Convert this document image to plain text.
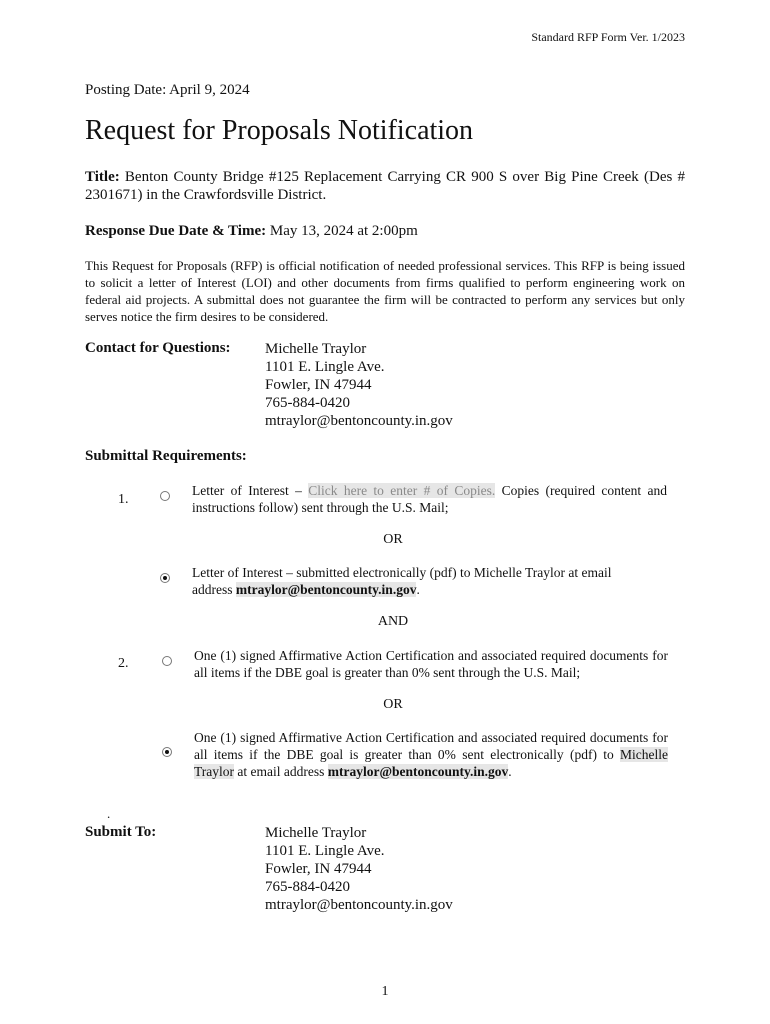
Standard RFP Form Ver. 1/2023
Posting Date: April 9, 2024
Request for Proposals Notification
Title: Benton County Bridge #125 Replacement Carrying CR 900 S over Big Pine Creek (Des # 2301671) in the Crawfordsville District.
Response Due Date & Time: May 13, 2024 at 2:00pm
This Request for Proposals (RFP) is official notification of needed professional services. This RFP is being issued to solicit a letter of Interest (LOI) and other documents from firms qualified to perform engineering work on federal aid projects. A submittal does not guarantee the firm will be contracted to perform any services but only serves notice the firm desires to be considered.
Contact for Questions: Michelle Traylor
1101 E. Lingle Ave.
Fowler, IN 47944
765-884-0420
mtraylor@bentoncounty.in.gov
Submittal Requirements:
1.
Letter of Interest – Click here to enter # of Copies. Copies (required content and instructions follow) sent through the U.S. Mail;
OR
Letter of Interest – submitted electronically (pdf) to Michelle Traylor at email address mtraylor@bentoncounty.in.gov.
AND
2.
One (1) signed Affirmative Action Certification and associated required documents for all items if the DBE goal is greater than 0% sent through the U.S. Mail;
OR
One (1) signed Affirmative Action Certification and associated required documents for all items if the DBE goal is greater than 0% sent electronically (pdf) to Michelle Traylor at email address mtraylor@bentoncounty.in.gov.
.
Submit To:	Michelle Traylor
1101 E. Lingle Ave.
Fowler, IN 47944
765-884-0420
mtraylor@bentoncounty.in.gov
1
